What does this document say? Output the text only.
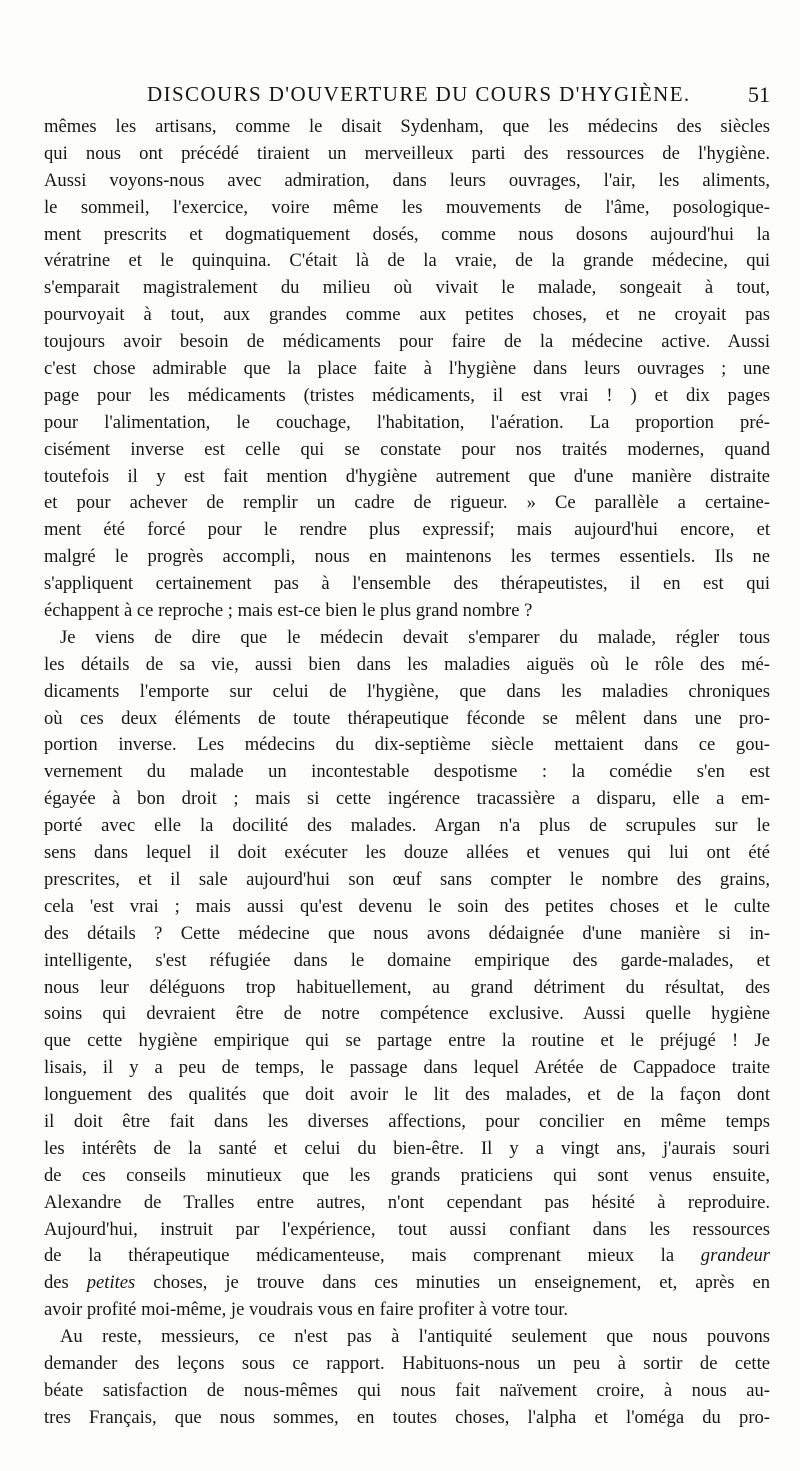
DISCOURS D'OUVERTURE DU COURS D'HYGIÈNE.	51
mêmes les artisans, comme le disait Sydenham, que les médecins des siècles
qui nous ont précédé tiraient un merveilleux parti des ressources de l'hygiène.
Aussi voyons-nous avec admiration, dans leurs ouvrages, l'air, les aliments,
le sommeil, l'exercice, voire même les mouvements de l'âme, posologique-
ment prescrits et dogmatiquement dosés, comme nous dosons aujourd'hui la
vératrine et le quinquina. C'était là de la vraie, de la grande médecine, qui
s'emparait magistralement du milieu où vivait le malade, songeait à tout,
pourvoyait à tout, aux grandes comme aux petites choses, et ne croyait pas
toujours avoir besoin de médicaments pour faire de la médecine active. Aussi
c'est chose admirable que la place faite à l'hygiène dans leurs ouvrages ; une
page pour les médicaments (tristes médicaments, il est vrai ! ) et dix pages
pour l'alimentation, le couchage, l'habitation, l'aération. La proportion pré-
cisément inverse est celle qui se constate pour nos traités modernes, quand
toutefois il y est fait mention d'hygiène autrement que d'une manière distraite
et pour achever de remplir un cadre de rigueur. » Ce parallèle a certaine-
ment été forcé pour le rendre plus expressif; mais aujourd'hui encore, et
malgré le progrès accompli, nous en maintenons les termes essentiels. Ils ne
s'appliquent certainement pas à l'ensemble des thérapeutistes, il en est qui
échappent à ce reproche ; mais est-ce bien le plus grand nombre ?
Je viens de dire que le médecin devait s'emparer du malade, régler tous
les détails de sa vie, aussi bien dans les maladies aiguës où le rôle des mé-
dicaments l'emporte sur celui de l'hygiène, que dans les maladies chroniques
où ces deux éléments de toute thérapeutique féconde se mêlent dans une pro-
portion inverse. Les médecins du dix-septième siècle mettaient dans ce gou-
vernement du malade un incontestable despotisme : la comédie s'en est
égayée à bon droit ; mais si cette ingérence tracassière a disparu, elle a em-
porté avec elle la docilité des malades. Argan n'a plus de scrupules sur le
sens dans lequel il doit exécuter les douze allées et venues qui lui ont été
prescrites, et il sale aujourd'hui son œuf sans compter le nombre des grains,
cela 'est vrai ; mais aussi qu'est devenu le soin des petites choses et le culte
des détails ? Cette médecine que nous avons dédaignée d'une manière si in-
intelligente, s'est réfugiée dans le domaine empirique des garde-malades, et
nous leur déléguons trop habituellement, au grand détriment du résultat, des
soins qui devraient être de notre compétence exclusive. Aussi quelle hygiène
que cette hygiène empirique qui se partage entre la routine et le préjugé ! Je
lisais, il y a peu de temps, le passage dans lequel Arétée de Cappadoce traite
longuement des qualités que doit avoir le lit des malades, et de la façon dont
il doit être fait dans les diverses affections, pour concilier en même temps
les intérêts de la santé et celui du bien-être. Il y a vingt ans, j'aurais souri
de ces conseils minutieux que les grands praticiens qui sont venus ensuite,
Alexandre de Tralles entre autres, n'ont cependant pas hésité à reproduire.
Aujourd'hui, instruit par l'expérience, tout aussi confiant dans les ressources
de la thérapeutique médicamenteuse, mais comprenant mieux la grandeur
des petites choses, je trouve dans ces minuties un enseignement, et, après en
avoir profité moi-même, je voudrais vous en faire profiter à votre tour.
Au reste, messieurs, ce n'est pas à l'antiquité seulement que nous pouvons
demander des leçons sous ce rapport. Habituons-nous un peu à sortir de cette
béate satisfaction de nous-mêmes qui nous fait naïvement croire, à nous au-
tres Français, que nous sommes, en toutes choses, l'alpha et l'oméga du pro-
